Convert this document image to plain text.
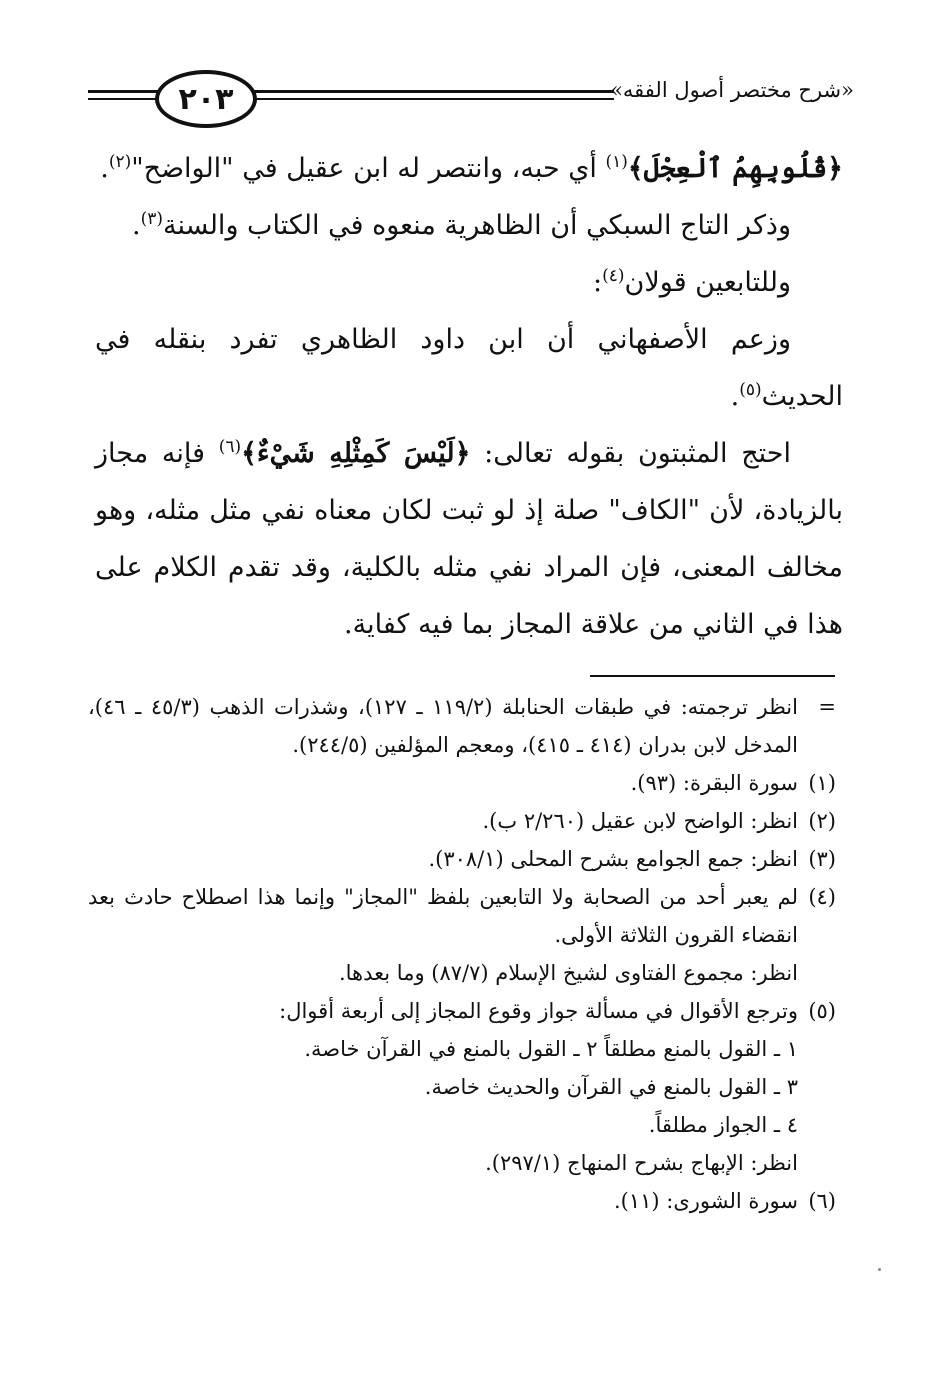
٢٠٣	«شرح مختصر أصول الفقه»

﴿قُلُوبِهِمُ ٱلْعِجْلَ﴾$^{(١)}$ أي حبه، وانتصر له ابن عقيل في "الواضح"$^{(٢)}$.

وذكر التاج السبكي أن الظاهرية منعوه في الكتاب والسنة$^{(٣)}$.

وللتابعين قولان$^{(٤)}$:

وزعم الأصفهاني أن ابن داود الظاهري تفرد بنقله في الحديث$^{(٥)}$.

احتج المثبتون بقوله تعالى: ﴿لَيْسَ كَمِثْلِهِ شَيْءٌ﴾$^{(٦)}$ فإنه مجاز بالزيادة، لأن "الكاف" صلة إذ لو ثبت لكان معناه نفي مثل مثله، وهو مخالف المعنى، فإن المراد نفي مثله بالكلية، وقد تقدم الكلام على هذا في الثاني من علاقة المجاز بما فيه كفاية.

=

انظر ترجمته: في طبقات الحنابلة (١١٩/٢ ـ ١٢٧)، وشذرات الذهب (٤٥/٣ ـ ٤٦)، المدخل لابن بدران (٤١٤ ـ ٤١٥)، ومعجم المؤلفين (٢٤٤/٥).

(١)

سورة البقرة: (٩٣).

(٢)

انظر: الواضح لابن عقيل (٢/٢٦٠ ب).

(٣)

انظر: جمع الجوامع بشرح المحلى (٣٠٨/١).

(٤)

لم يعبر أحد من الصحابة ولا التابعين بلفظ "المجاز" وإنما هذا اصطلاح حادث بعد انقضاء القرون الثلاثة الأولى.

انظر: مجموع الفتاوى لشيخ الإسلام (٨٧/٧) وما بعدها.

(٥)

وترجع الأقوال في مسألة جواز وقوع المجاز إلى أربعة أقوال:

١ ـ القول بالمنع مطلقاً ٢ ـ القول بالمنع في القرآن خاصة.

٣ ـ القول بالمنع في القرآن والحديث خاصة.

٤ ـ الجواز مطلقاً.

انظر: الإبهاج بشرح المنهاج (٢٩٧/١).

(٦)

سورة الشورى: (١١).
